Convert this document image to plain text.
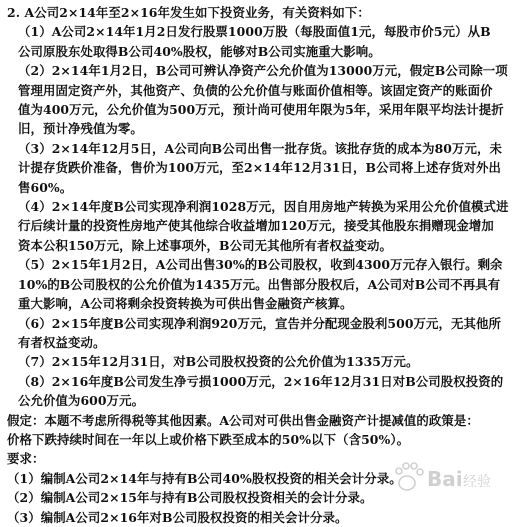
2. A公司2×14年至2×16年发生如下投资业务，有关资料如下：
（1）A公司2×14年1月2日发行股票1000万股（每股面值1元，每股市价5元）从B
公司原股东处取得B公司40%股权，能够对B公司实施重大影响。
（2）2×14年1月2日，B公司可辨认净资产公允价值为13000万元，假定B公司除一项
管理用固定资产外，其他资产、负债的公允价值与账面价值相等。该固定资产的账面价
值为400万元，公允价值为500万元，预计尚可使用年限为5年，采用年限平均法计提折
旧，预计净残值为零。
（3）2×14年12月5日，A公司向B公司出售一批存货。该批存货的成本为80万元，未
计提存货跌价准备，售价为100万元，至2×14年12月31日，B公司将上述存货对外出
售60%。
（4）2×14年度B公司实现净利润1028万元，因自用房地产转换为采用公允价值模式进
行后续计量的投资性房地产使其他综合收益增加120万元，接受其他股东捐赠现金增加
资本公积150万元，除上述事项外，B公司无其他所有者权益变动。
（5）2×15年1月2日，A公司出售30%的B公司股权，收到4300万元存入银行。剩余
10%的B公司股权的公允价值为1435万元。出售部分股权后，A公司对B公司不再具有
重大影响，A公司将剩余投资转换为可供出售金融资产核算。
（6）2×15年度B公司实现净利润920万元，宣告并分配现金股利500万元，无其他所
有者权益变动。
（7）2×15年12月31日，对B公司股权投资的公允价值为1335万元。
（8）2×16年度B公司发生净亏损1000万元，2×16年12月31日对B公司股权投资的
公允价值为600万元。
假定：本题不考虑所得税等其他因素。A公司对可供出售金融资产计提减值的政策是：
价格下跌持续时间在一年以上或价格下跌至成本的50%以下（含50%）。
要求：
（1）编制A公司2×14年与持有B公司40%股权投资的相关会计分录。
（2）编制A公司2×15年与持有B公司股权投资相关的会计分录。
（3）编制A公司2×16年对B公司股权投资的相关会计分录。
Bai 经验
